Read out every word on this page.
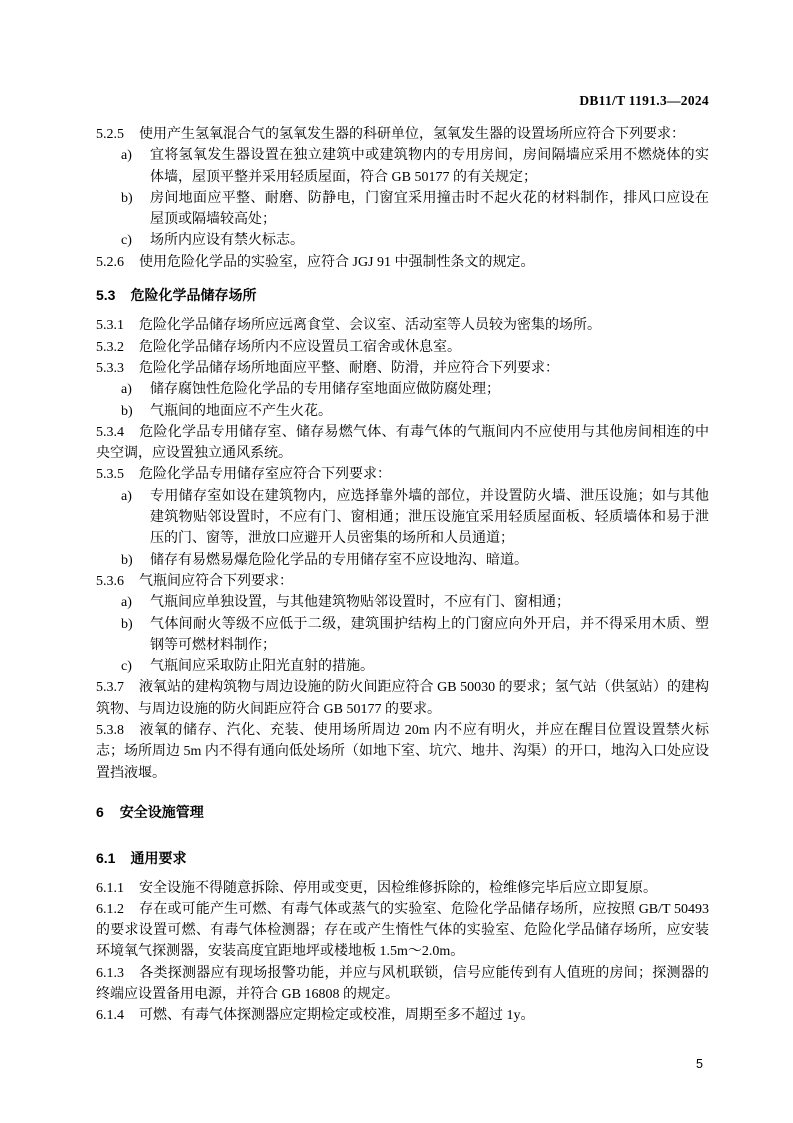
DB11/T 1191.3—2024

5.2.5 使用产生氢氧混合气的氢氧发生器的科研单位，氢氧发生器的设置场所应符合下列要求：

a) 宜将氢氧发生器设置在独立建筑中或建筑物内的专用房间，房间隔墙应采用不燃烧体的实体墙，屋顶平整并采用轻质屋面，符合 GB 50177 的有关规定；

b) 房间地面应平整、耐磨、防静电，门窗宜采用撞击时不起火花的材料制作，排风口应设在屋顶或隔墙较高处；

c) 场所内应设有禁火标志。

5.2.6 使用危险化学品的实验室，应符合 JGJ 91 中强制性条文的规定。

5.3 危险化学品储存场所

5.3.1 危险化学品储存场所应远离食堂、会议室、活动室等人员较为密集的场所。

5.3.2 危险化学品储存场所内不应设置员工宿舍或休息室。

5.3.3 危险化学品储存场所地面应平整、耐磨、防滑，并应符合下列要求：

a) 储存腐蚀性危险化学品的专用储存室地面应做防腐处理；

b) 气瓶间的地面应不产生火花。

5.3.4 危险化学品专用储存室、储存易燃气体、有毒气体的气瓶间内不应使用与其他房间相连的中央空调，应设置独立通风系统。

5.3.5 危险化学品专用储存室应符合下列要求：

a) 专用储存室如设在建筑物内，应选择靠外墙的部位，并设置防火墙、泄压设施；如与其他建筑物贴邻设置时，不应有门、窗相通；泄压设施宜采用轻质屋面板、轻质墙体和易于泄压的门、窗等，泄放口应避开人员密集的场所和人员通道；

b) 储存有易燃易爆危险化学品的专用储存室不应设地沟、暗道。

5.3.6 气瓶间应符合下列要求：

a) 气瓶间应单独设置，与其他建筑物贴邻设置时，不应有门、窗相通；

b) 气体间耐火等级不应低于二级，建筑围护结构上的门窗应向外开启，并不得采用木质、塑钢等可燃材料制作；

c) 气瓶间应采取防止阳光直射的措施。

5.3.7 液氧站的建构筑物与周边设施的防火间距应符合 GB 50030 的要求；氢气站（供氢站）的建构筑物、与周边设施的防火间距应符合 GB 50177 的要求。

5.3.8 液氧的储存、汽化、充装、使用场所周边 20m 内不应有明火，并应在醒目位置设置禁火标志；场所周边 5m 内不得有通向低处场所（如地下室、坑穴、地井、沟渠）的开口，地沟入口处应设置挡液堰。

6 安全设施管理

6.1 通用要求

6.1.1 安全设施不得随意拆除、停用或变更，因检维修拆除的，检维修完毕后应立即复原。

6.1.2 存在或可能产生可燃、有毒气体或蒸气的实验室、危险化学品储存场所，应按照 GB/T 50493 的要求设置可燃、有毒气体检测器；存在或产生惰性气体的实验室、危险化学品储存场所，应安装环境氧气探测器，安装高度宜距地坪或楼地板 1.5m～2.0m。

6.1.3 各类探测器应有现场报警功能，并应与风机联锁，信号应能传到有人值班的房间；探测器的终端应设置备用电源，并符合 GB 16808 的规定。

6.1.4 可燃、有毒气体探测器应定期检定或校准，周期至多不超过 1y。

5
